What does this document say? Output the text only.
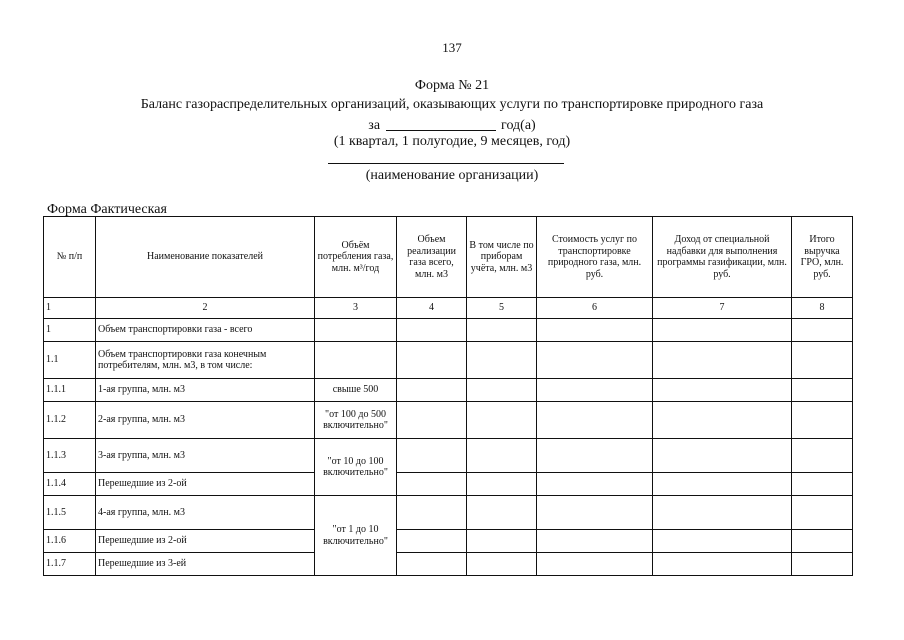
137
Форма № 21
Баланс газораспределительных организаций, оказывающих услуги по транспортировке природного газа
за	год(а)
(1 квартал, 1 полугодие, 9 месяцев, год)
(наименование организации)
Форма Фактическая
№ п/п	Наименование показателей	Объём потребления газа, млн. м³/год	Объем реализации газа всего, млн. м3	В том числе по приборам учёта, млн. м3	Стоимость услуг по транспортировке природного газа, млн. руб.	Доход от специальной надбавки для выполнения программы газификации, млн. руб.	Итого выручка ГРО, млн. руб.
1	2	3	4	5	6	7	8
1	Объем транспортировки газа - всего						
1.1	Объем транспортировки газа конечным потребителям, млн. м3, в том числе:						
1.1.1	1-ая группа, млн. м3	свыше 500					
1.1.2	2-ая группа, млн. м3	"от 100 до 500 включительно"					
1.1.3	3-ая группа, млн. м3	"от 10 до 100 включительно"					
1.1.4	Перешедшие из 2-ой						
1.1.5	4-ая группа, млн. м3	"от 1 до 10 включительно"					
1.1.6	Перешедшие из 2-ой						
1.1.7	Перешедшие из 3-ей						
